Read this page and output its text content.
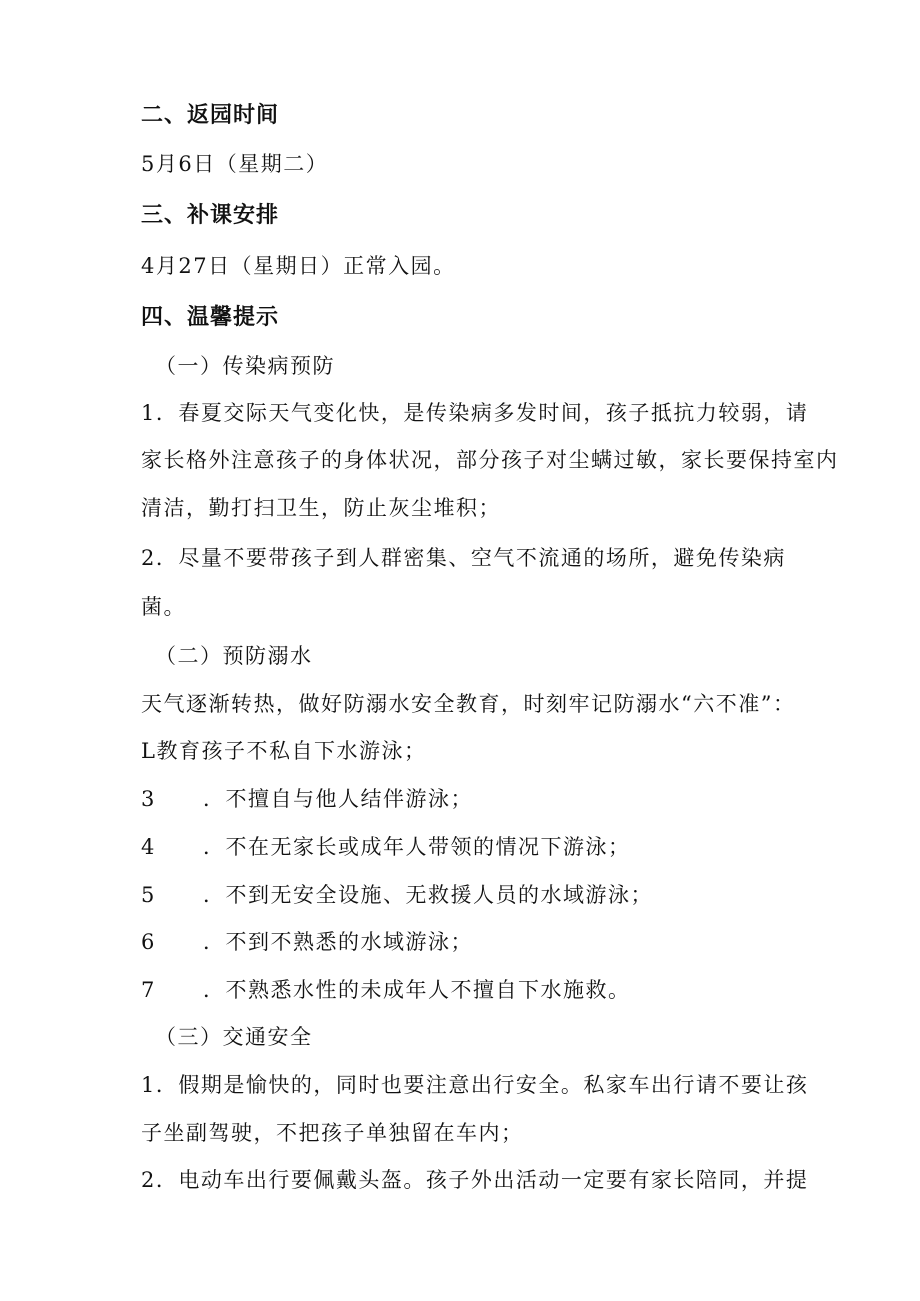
二、返园时间
5月6日（星期二）
三、补课安排
4月27日（星期日）正常入园。
四、温馨提示
（一）传染病预防
1．春夏交际天气变化快，是传染病多发时间，孩子抵抗力较弱，请
家长格外注意孩子的身体状况，部分孩子对尘螨过敏，家长要保持室内
清洁，勤打扫卫生，防止灰尘堆积；
2．尽量不要带孩子到人群密集、空气不流通的场所，避免传染病
菌。
（二）预防溺水
天气逐渐转热，做好防溺水安全教育，时刻牢记防溺水“六不准”：
L教育孩子不私自下水游泳；
3 ．不擅自与他人结伴游泳；
4 ．不在无家长或成年人带领的情况下游泳；
5 ．不到无安全设施、无救援人员的水域游泳；
6 ．不到不熟悉的水域游泳；
7 ．不熟悉水性的未成年人不擅自下水施救。
（三）交通安全
1．假期是愉快的，同时也要注意出行安全。私家车出行请不要让孩
子坐副驾驶，不把孩子单独留在车内；
2．电动车出行要佩戴头盔。孩子外出活动一定要有家长陪同，并提
